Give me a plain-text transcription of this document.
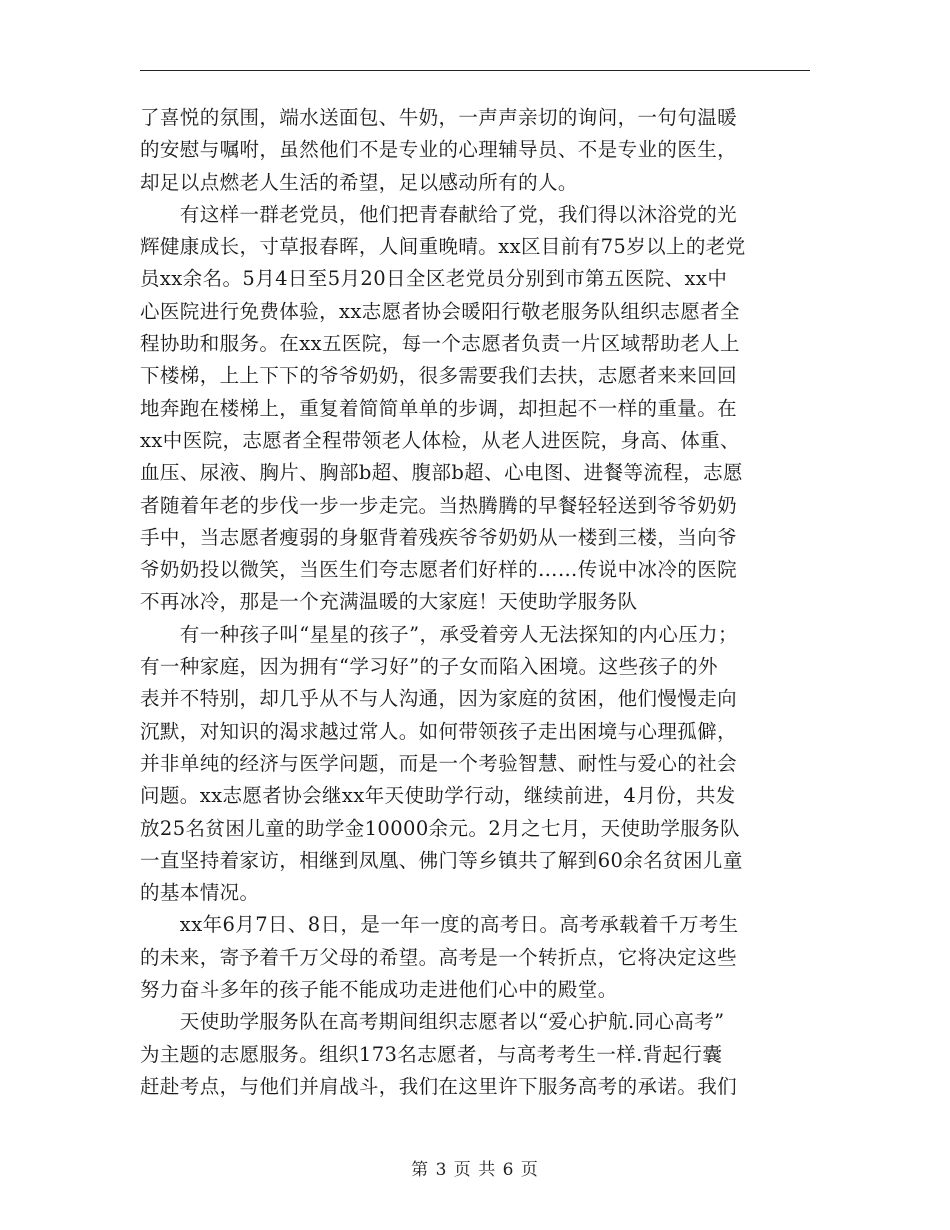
了喜悦的氛围，端水送面包、牛奶，一声声亲切的询问，一句句温暖
的安慰与嘱咐，虽然他们不是专业的心理辅导员、不是专业的医生，
却足以点燃老人生活的希望，足以感动所有的人。

　　有这样一群老党员，他们把青春献给了党，我们得以沐浴党的光
辉健康成长，寸草报春晖，人间重晚晴。xx区目前有75岁以上的老党
员xx余名。5月4日至5月20日全区老党员分别到市第五医院、xx中
心医院进行免费体验，xx志愿者协会暖阳行敬老服务队组织志愿者全
程协助和服务。在xx五医院，每一个志愿者负责一片区域帮助老人上
下楼梯，上上下下的爷爷奶奶，很多需要我们去扶，志愿者来来回回
地奔跑在楼梯上，重复着简简单单的步调，却担起不一样的重量。在
xx中医院，志愿者全程带领老人体检，从老人进医院，身高、体重、
血压、尿液、胸片、胸部b超、腹部b超、心电图、进餐等流程，志愿
者随着年老的步伐一步一步走完。当热腾腾的早餐轻轻送到爷爷奶奶
手中，当志愿者瘦弱的身躯背着残疾爷爷奶奶从一楼到三楼，当向爷
爷奶奶投以微笑，当医生们夸志愿者们好样的……传说中冰冷的医院
不再冰冷，那是一个充满温暖的大家庭！天使助学服务队

　　有一种孩子叫“星星的孩子”，承受着旁人无法探知的内心压力；
有一种家庭，因为拥有“学习好”的子女而陷入困境。这些孩子的外
表并不特别，却几乎从不与人沟通，因为家庭的贫困，他们慢慢走向
沉默，对知识的渴求越过常人。如何带领孩子走出困境与心理孤僻，
并非单纯的经济与医学问题，而是一个考验智慧、耐性与爱心的社会
问题。xx志愿者协会继xx年天使助学行动，继续前进，4月份，共发
放25名贫困儿童的助学金10000余元。2月之七月，天使助学服务队
一直坚持着家访，相继到凤凰、佛门等乡镇共了解到60余名贫困儿童
的基本情况。

　　xx年6月7日、8日，是一年一度的高考日。高考承载着千万考生
的未来，寄予着千万父母的希望。高考是一个转折点，它将决定这些
努力奋斗多年的孩子能不能成功走进他们心中的殿堂。

　　天使助学服务队在高考期间组织志愿者以“爱心护航.同心高考”
为主题的志愿服务。组织173名志愿者，与高考考生一样.背起行囊
赶赴考点，与他们并肩战斗，我们在这里许下服务高考的承诺。我们

第 3 页 共 6 页
